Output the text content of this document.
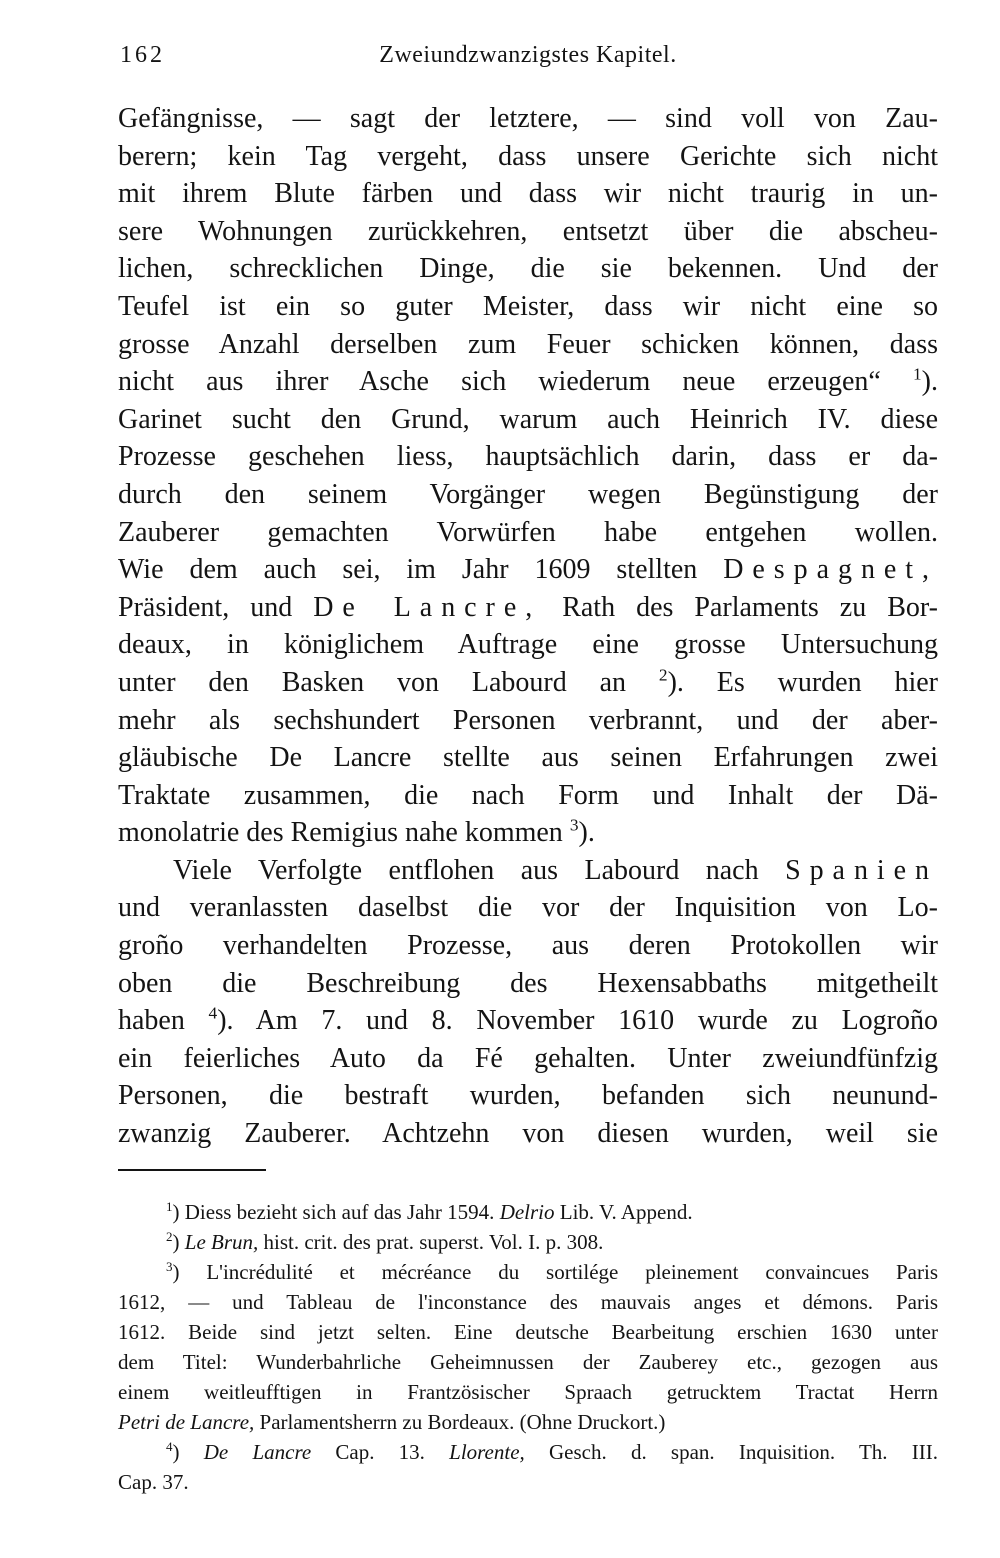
162	Zweiundzwanzigstes Kapitel.
Gefängnisse, — sagt der letztere, — sind voll von Zau-
berern; kein Tag vergeht, dass unsere Gerichte sich nicht
mit ihrem Blute färben und dass wir nicht traurig in un-
sere Wohnungen zurückkehren, entsetzt über die abscheu-
lichen, schrecklichen Dinge, die sie bekennen. Und der
Teufel ist ein so guter Meister, dass wir nicht eine so
grosse Anzahl derselben zum Feuer schicken können, dass
nicht aus ihrer Asche sich wiederum neue erzeugen“ $^1$).
Garinet sucht den Grund, warum auch Heinrich IV. diese
Prozesse geschehen liess, hauptsächlich darin, dass er da-
durch den seinem Vorgänger wegen Begünstigung der
Zauberer gemachten Vorwürfen habe entgehen wollen.
Wie dem auch sei, im Jahr 1609 stellten Despagnet,
Präsident, und De Lancre, Rath des Parlaments zu Bor-
deaux, in königlichem Auftrage eine grosse Untersuchung
unter den Basken von Labourd an $^2$). Es wurden hier
mehr als sechshundert Personen verbrannt, und der aber-
gläubische De Lancre stellte aus seinen Erfahrungen zwei
Traktate zusammen, die nach Form und Inhalt der Dä-
monolatrie des Remigius nahe kommen $^3$).
Viele Verfolgte entflohen aus Labourd nach Spanien
und veranlassten daselbst die vor der Inquisition von Lo-
groño verhandelten Prozesse, aus deren Protokollen wir
oben die Beschreibung des Hexensabbaths mitgetheilt
haben $^4$). Am 7. und 8. November 1610 wurde zu Logroño
ein feierliches Auto da Fé gehalten. Unter zweiundfünfzig
Personen, die bestraft wurden, befanden sich neunund-
zwanzig Zauberer. Achtzehn von diesen wurden, weil sie
$^1$) Diess bezieht sich auf das Jahr 1594. Delrio Lib. V. Append.
$^2$) Le Brun, hist. crit. des prat. superst. Vol. I. p. 308.
$^3$) L'incrédulité et mécréance du sortilége pleinement convaincues Paris
1612, — und Tableau de l'inconstance des mauvais anges et démons. Paris
1612. Beide sind jetzt selten. Eine deutsche Bearbeitung erschien 1630 unter
dem Titel: Wunderbahrliche Geheimnussen der Zauberey etc., gezogen aus
einem weitleufftigen in Frantzösischer Spraach getrucktem Tractat Herrn
Petri de Lancre, Parlamentsherrn zu Bordeaux. (Ohne Druckort.)
$^4$) De Lancre Cap. 13. Llorente, Gesch. d. span. Inquisition. Th. III.
Cap. 37.
